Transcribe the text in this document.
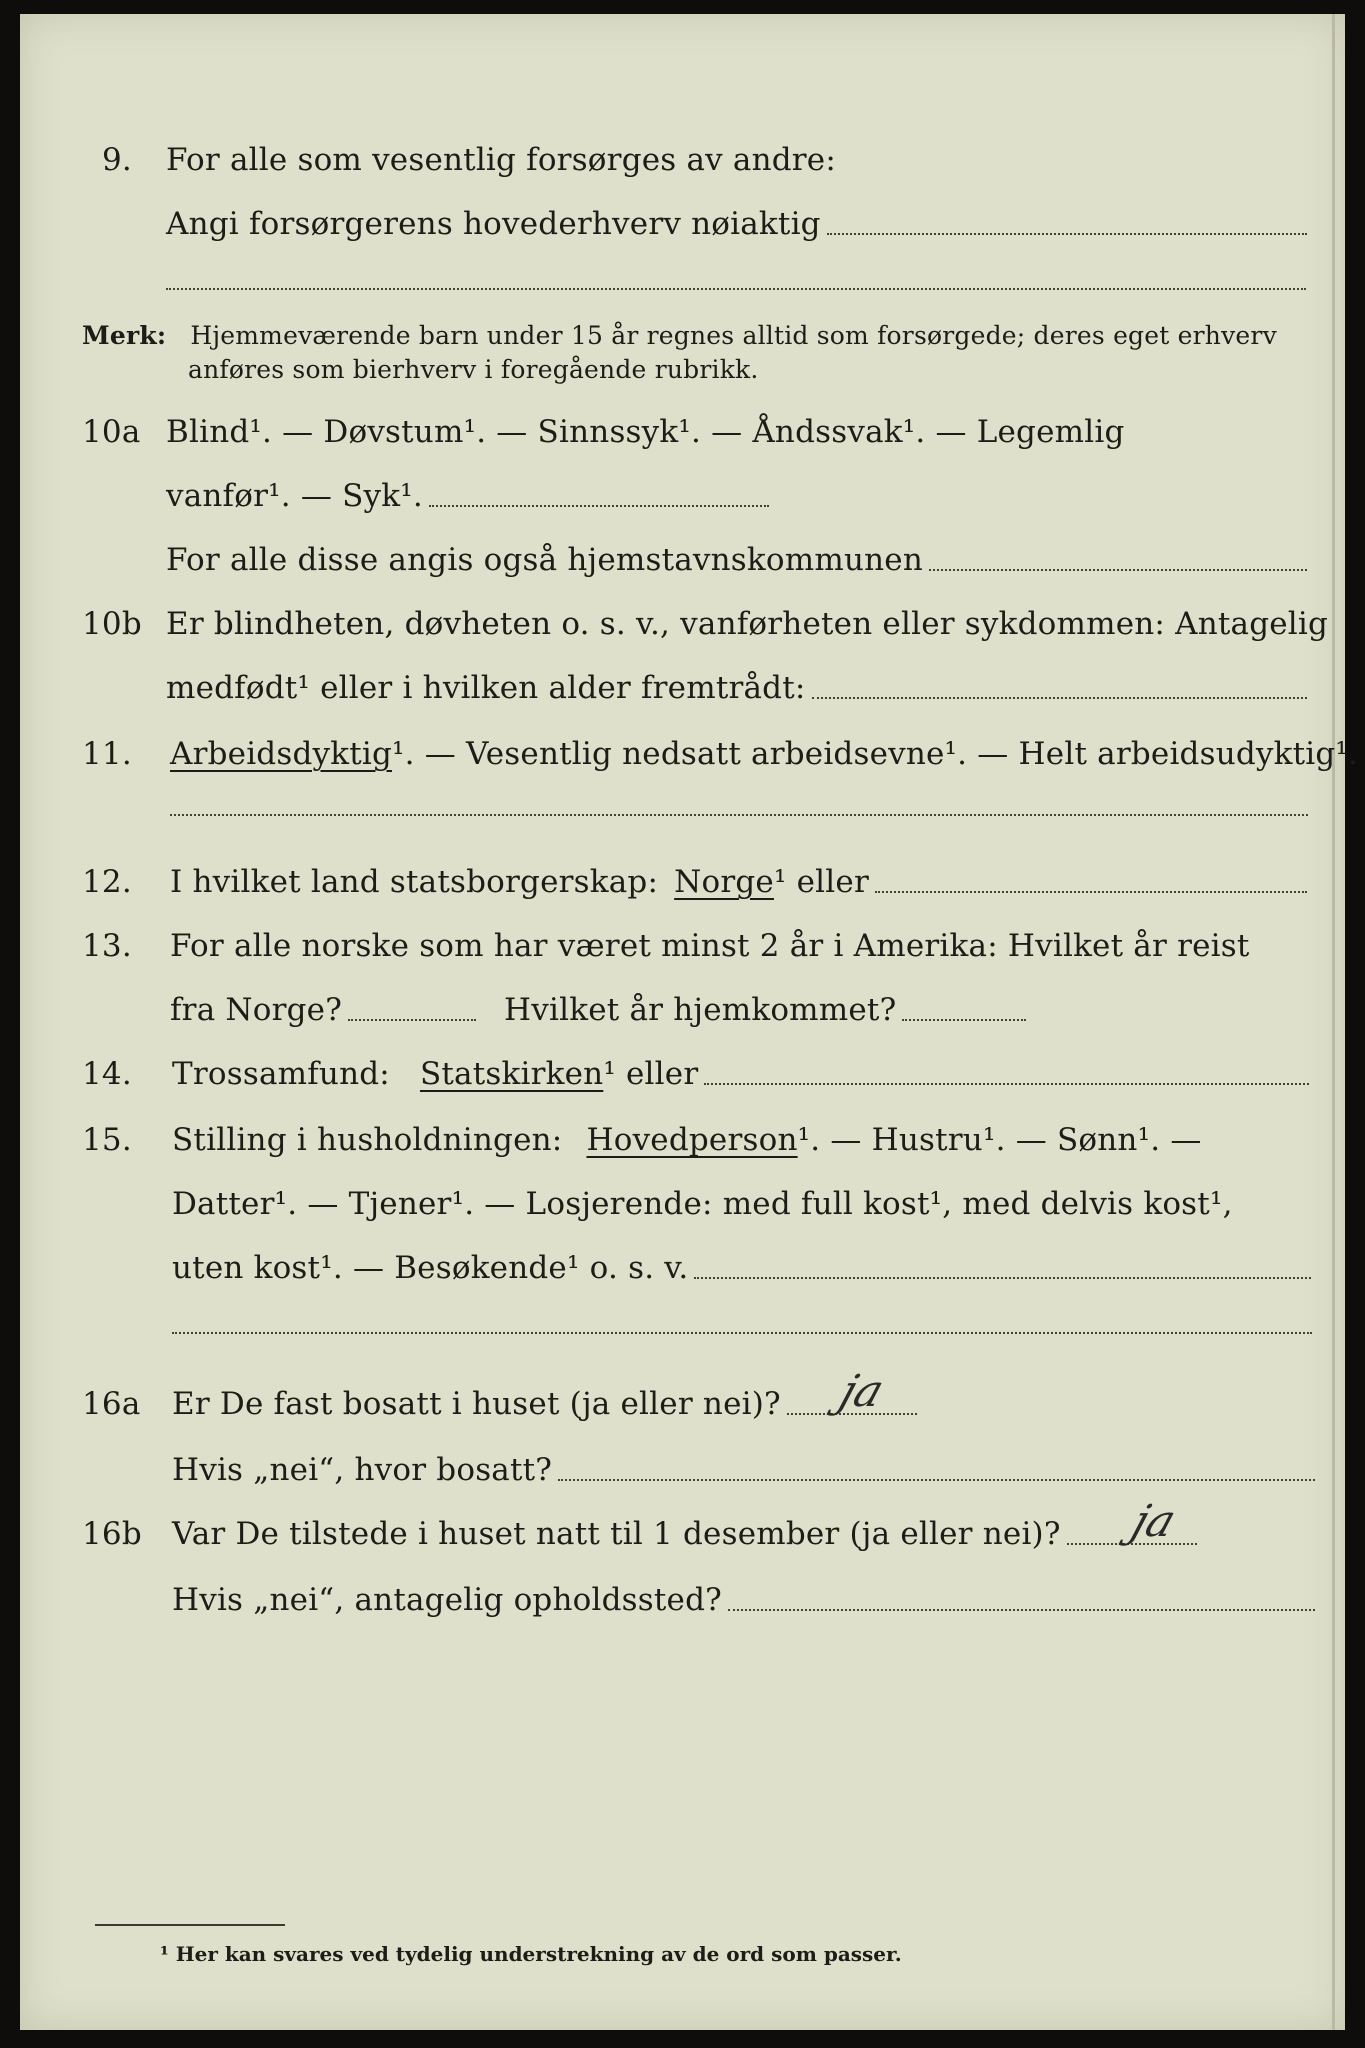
9. For alle som vesentlig forsørges av andre:
Angi forsørgerens hovederhverv nøiaktig
Merk: Hjemmeværende barn under 15 år regnes alltid som forsørgede; deres eget erhverv
anføres som bierhverv i foregående rubrikk.
10a Blind¹. — Døvstum¹. — Sinnssyk¹. — Åndssvak¹. — Legemlig
vanfør¹. — Syk¹.
For alle disse angis også hjemstavnskommunen
10b Er blindheten, døvheten o. s. v., vanførheten eller sykdommen: Antagelig
medfødt¹ eller i hvilken alder fremtrådt:
11. Arbeidsdyktig ¹. — Vesentlig nedsatt arbeidsevne¹. — Helt arbeidsudyktig¹.
12. I hvilket land statsborgerskap: Norge ¹ eller
13. For alle norske som har været minst 2 år i Amerika: Hvilket år reist
fra Norge?	Hvilket år hjemkommet?
14. Trossamfund: Statskirken ¹ eller
15. Stilling i husholdningen: Hovedperson ¹. — Hustru¹. — Sønn¹. —
Datter¹. — Tjener¹. — Losjerende: med full kost¹, med delvis kost¹,
uten kost¹. — Besøkende¹ o. s. v.
16a Er De fast bosatt i huset (ja eller nei)? ja
Hvis „nei“, hvor bosatt?
16b Var De tilstede i huset natt til 1 desember (ja eller nei)? ja
Hvis „nei“, antagelig opholdssted?
¹ Her kan svares ved tydelig understrekning av de ord som passer.
